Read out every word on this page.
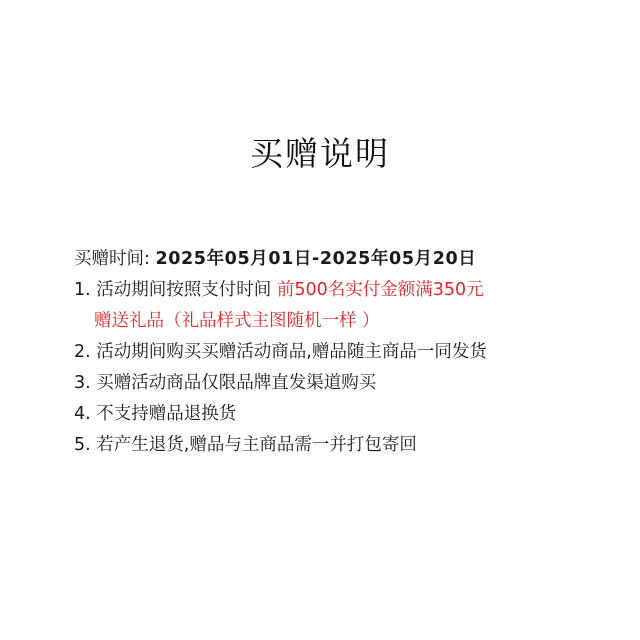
买赠说明
买赠时间: 2025年05月01日-2025年05月20日
1. 活动期间按照支付时间 前500名实付金额满350元
赠送礼品（礼品样式主图随机一样 ）
2. 活动期间购买买赠活动商品,赠品随主商品一同发货
3. 买赠活动商品仅限品牌直发渠道购买
4. 不支持赠品退换货
5. 若产生退货,赠品与主商品需一并打包寄回
